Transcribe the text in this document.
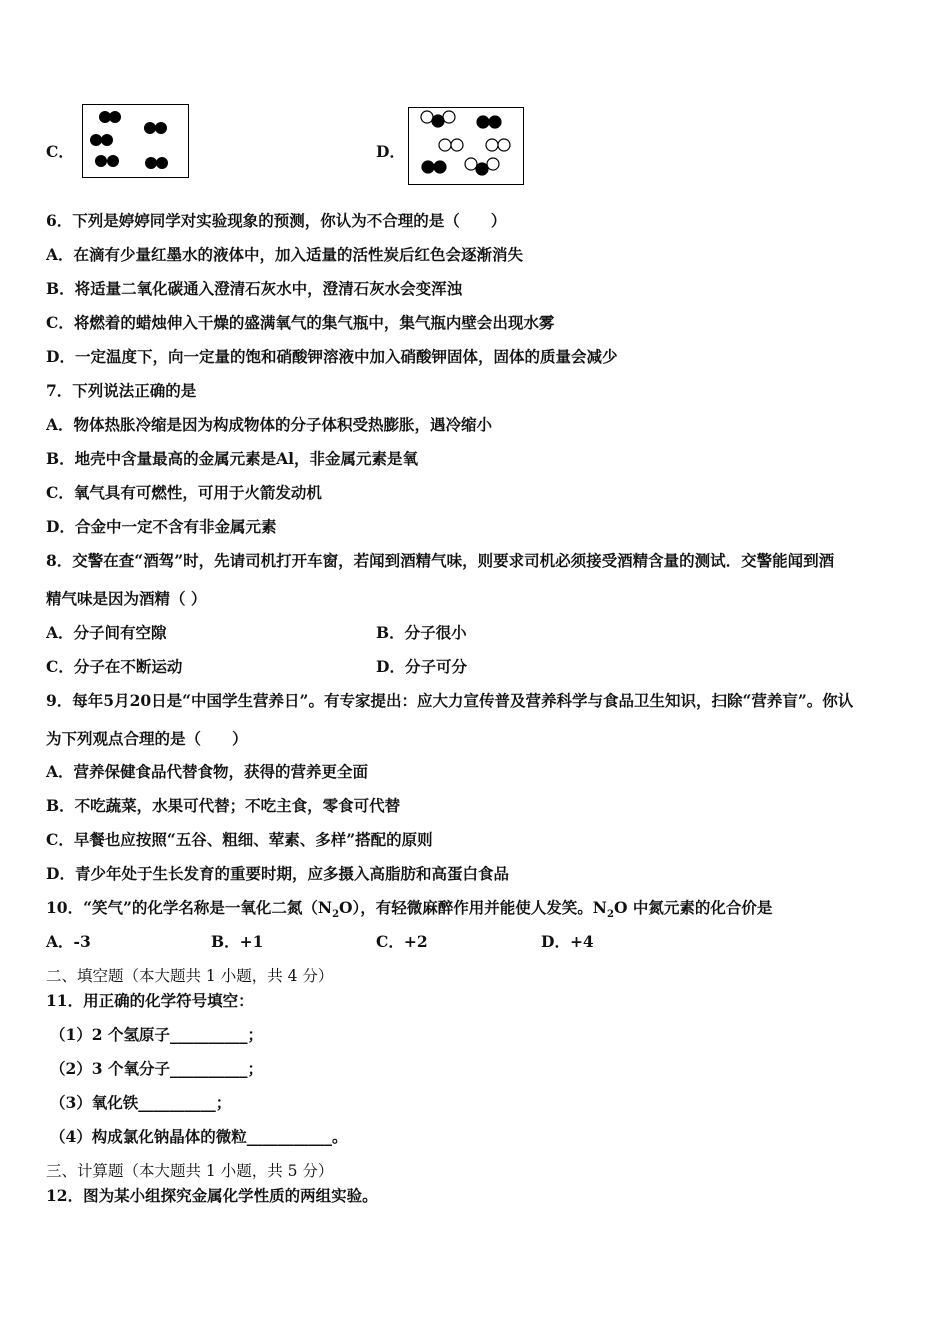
C．	D．
6．下列是婷婷同学对实验现象的预测，你认为不合理的是（　　）
A．在滴有少量红墨水的液体中，加入适量的活性炭后红色会逐渐消失
B．将适量二氧化碳通入澄清石灰水中，澄清石灰水会变浑浊
C．将燃着的蜡烛伸入干燥的盛满氧气的集气瓶中，集气瓶内壁会出现水雾
D．一定温度下，向一定量的饱和硝酸钾溶液中加入硝酸钾固体，固体的质量会减少
7．下列说法正确的是
A．物体热胀冷缩是因为构成物体的分子体积受热膨胀，遇冷缩小
B．地壳中含量最高的金属元素是Al，非金属元素是氧
C．氧气具有可燃性，可用于火箭发动机
D．合金中一定不含有非金属元素
8．交警在查“酒驾”时，先请司机打开车窗，若闻到酒精气味，则要求司机必须接受酒精含量的测试．交警能闻到酒
精气味是因为酒精（ ）
A．分子间有空隙	B．分子很小
C．分子在不断运动	D．分子可分
9．每年5月20日是“中国学生营养日”。有专家提出：应大力宣传普及营养科学与食品卫生知识，扫除“营养盲”。你认
为下列观点合理的是（　　）
A．营养保健食品代替食物，获得的营养更全面
B．不吃蔬菜，水果可代替；不吃主食，零食可代替
C．早餐也应按照“五谷、粗细、荤素、多样”搭配的原则
D．青少年处于生长发育的重要时期，应多摄入高脂肪和高蛋白食品
10．“笑气”的化学名称是一氧化二氮$(N_2O)$，有轻微麻醉作用并能使人发笑。$N_2O$ 中氮元素的化合价是
A．-3	B．+1	C．+2	D．+4
二、填空题（本大题共 1 小题，共 4 分）
11．用正确的化学符号填空：
（1）2 个氢原子__________；
（2）3 个氧分子__________；
（3）氧化铁__________；
（4）构成氯化钠晶体的微粒___________。
三、计算题（本大题共 1 小题，共 5 分）
12．图为某小组探究金属化学性质的两组实验。
